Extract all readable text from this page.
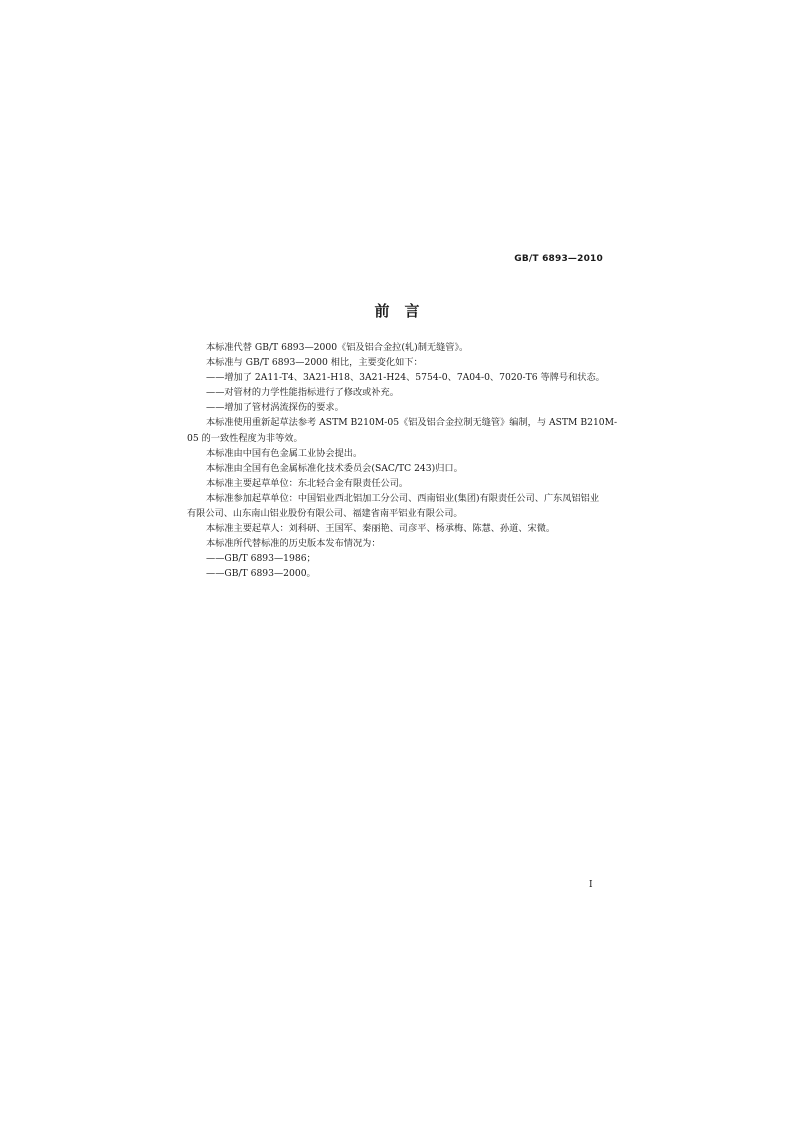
GB/T 6893—2010
前　言

本标准代替 GB/T 6893—2000《铝及铝合金拉(轧)制无缝管》。

本标准与 GB/T 6893—2000 相比，主要变化如下：

——增加了 2A11-T4、3A21-H18、3A21-H24、5754-0、7A04-0、7020-T6 等牌号和状态。

——对管材的力学性能指标进行了修改或补充。

——增加了管材涡流探伤的要求。

本标准使用重新起草法参考 ASTM B210M-05《铝及铝合金拉制无缝管》编制，与 ASTM B210M-

05 的一致性程度为非等效。

本标准由中国有色金属工业协会提出。

本标准由全国有色金属标准化技术委员会(SAC/TC 243)归口。

本标准主要起草单位：东北轻合金有限责任公司。

本标准参加起草单位：中国铝业西北铝加工分公司、西南铝业(集团)有限责任公司、广东凤铝铝业

有限公司、山东南山铝业股份有限公司、福建省南平铝业有限公司。

本标准主要起草人：刘科研、王国军、秦丽艳、司彦平、杨承梅、陈慧、孙道、宋微。

本标准所代替标准的历史版本发布情况为：

——GB/T 6893—1986；

——GB/T 6893—2000。

I
